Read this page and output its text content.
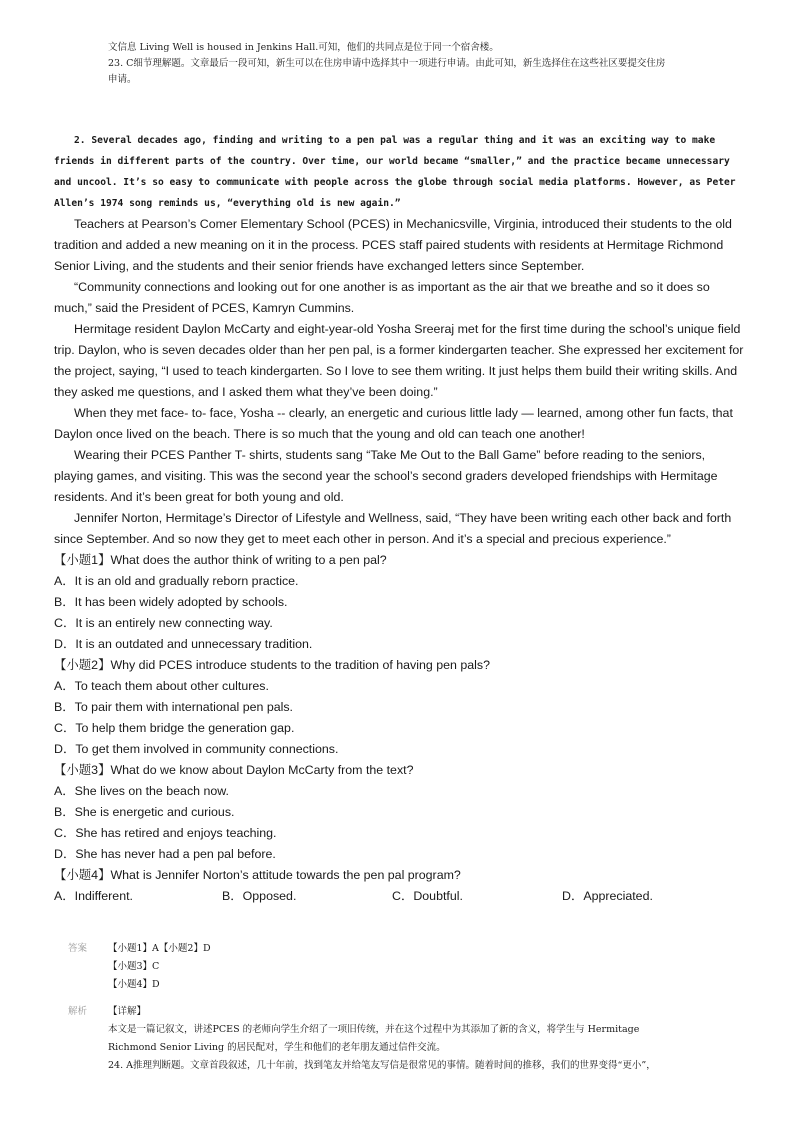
文信息 Living Well is housed in Jenkins Hall.可知，他们的共同点是位于同一个宿舍楼。

23. C细节理解题。文章最后一段可知，新生可以在住房申请中选择其中一项进行申请。由此可知，新生选择住在这些社区要提交住房

申请。

2. Several decades ago, finding and writing to a pen pal was a regular thing and it was an exciting way to make friends in different parts of the country. Over time, our world became “smaller,” and the practice became unnecessary and uncool. It’s so easy to communicate with people across the globe through social media platforms. However, as Peter Allen’s 1974 song reminds us, “everything old is new again.”

Teachers at Pearson’s Comer Elementary School (PCES) in Mechanicsville, Virginia, introduced their students to the old tradition and added a new meaning on it in the process. PCES staff paired students with residents at Hermitage Richmond Senior Living, and the students and their senior friends have exchanged letters since September.

“Community connections and looking out for one another is as important as the air that we breathe and so it does so much,” said the President of PCES, Kamryn Cummins.

Hermitage resident Daylon McCarty and eight-year-old Yosha Sreeraj met for the first time during the school’s unique field trip. Daylon, who is seven decades older than her pen pal, is a former kindergarten teacher. She expressed her excitement for the project, saying, “I used to teach kindergarten. So I love to see them writing. It just helps them build their writing skills. And they asked me questions, and I asked them what they’ve been doing.”

When they met face- to- face, Yosha -- clearly, an energetic and curious little lady — learned, among other fun facts, that Daylon once lived on the beach. There is so much that the young and old can teach one another!

Wearing their PCES Panther T- shirts, students sang “Take Me Out to the Ball Game” before reading to the seniors, playing games, and visiting. This was the second year the school’s second graders developed friendships with Hermitage residents. And it’s been great for both young and old.

Jennifer Norton, Hermitage’s Director of Lifestyle and Wellness, said, “They have been writing each other back and forth since September. And so now they get to meet each other in person. And it’s a special and precious experience.”

【小题1】What does the author think of writing to a pen pal?

A．It is an old and gradually reborn practice.

B．It has been widely adopted by schools.

C．It is an entirely new connecting way.

D．It is an outdated and unnecessary tradition.

【小题2】Why did PCES introduce students to the tradition of having pen pals?

A．To teach them about other cultures.

B．To pair them with international pen pals.

C．To help them bridge the generation gap.

D．To get them involved in community connections.

【小题3】What do we know about Daylon McCarty from the text?

A．She lives on the beach now.

B．She is energetic and curious.

C．She has retired and enjoys teaching.

D．She has never had a pen pal before.

【小题4】What is Jennifer Norton’s attitude towards the pen pal program?

A．Indifferent.	B．Opposed.	C．Doubtful.	D．Appreciated.
答案	【小题1】A【小题2】D

【小题3】C

【小题4】D

解析	【详解】

本文是一篇记叙文，讲述PCES 的老师向学生介绍了一项旧传统，并在这个过程中为其添加了新的含义，将学生与 Hermitage

Richmond Senior Living 的居民配对，学生和他们的老年朋友通过信件交流。

24. A推理判断题。文章首段叙述，几十年前，找到笔友并给笔友写信是很常见的事情。随着时间的推移，我们的世界变得“更小”，
